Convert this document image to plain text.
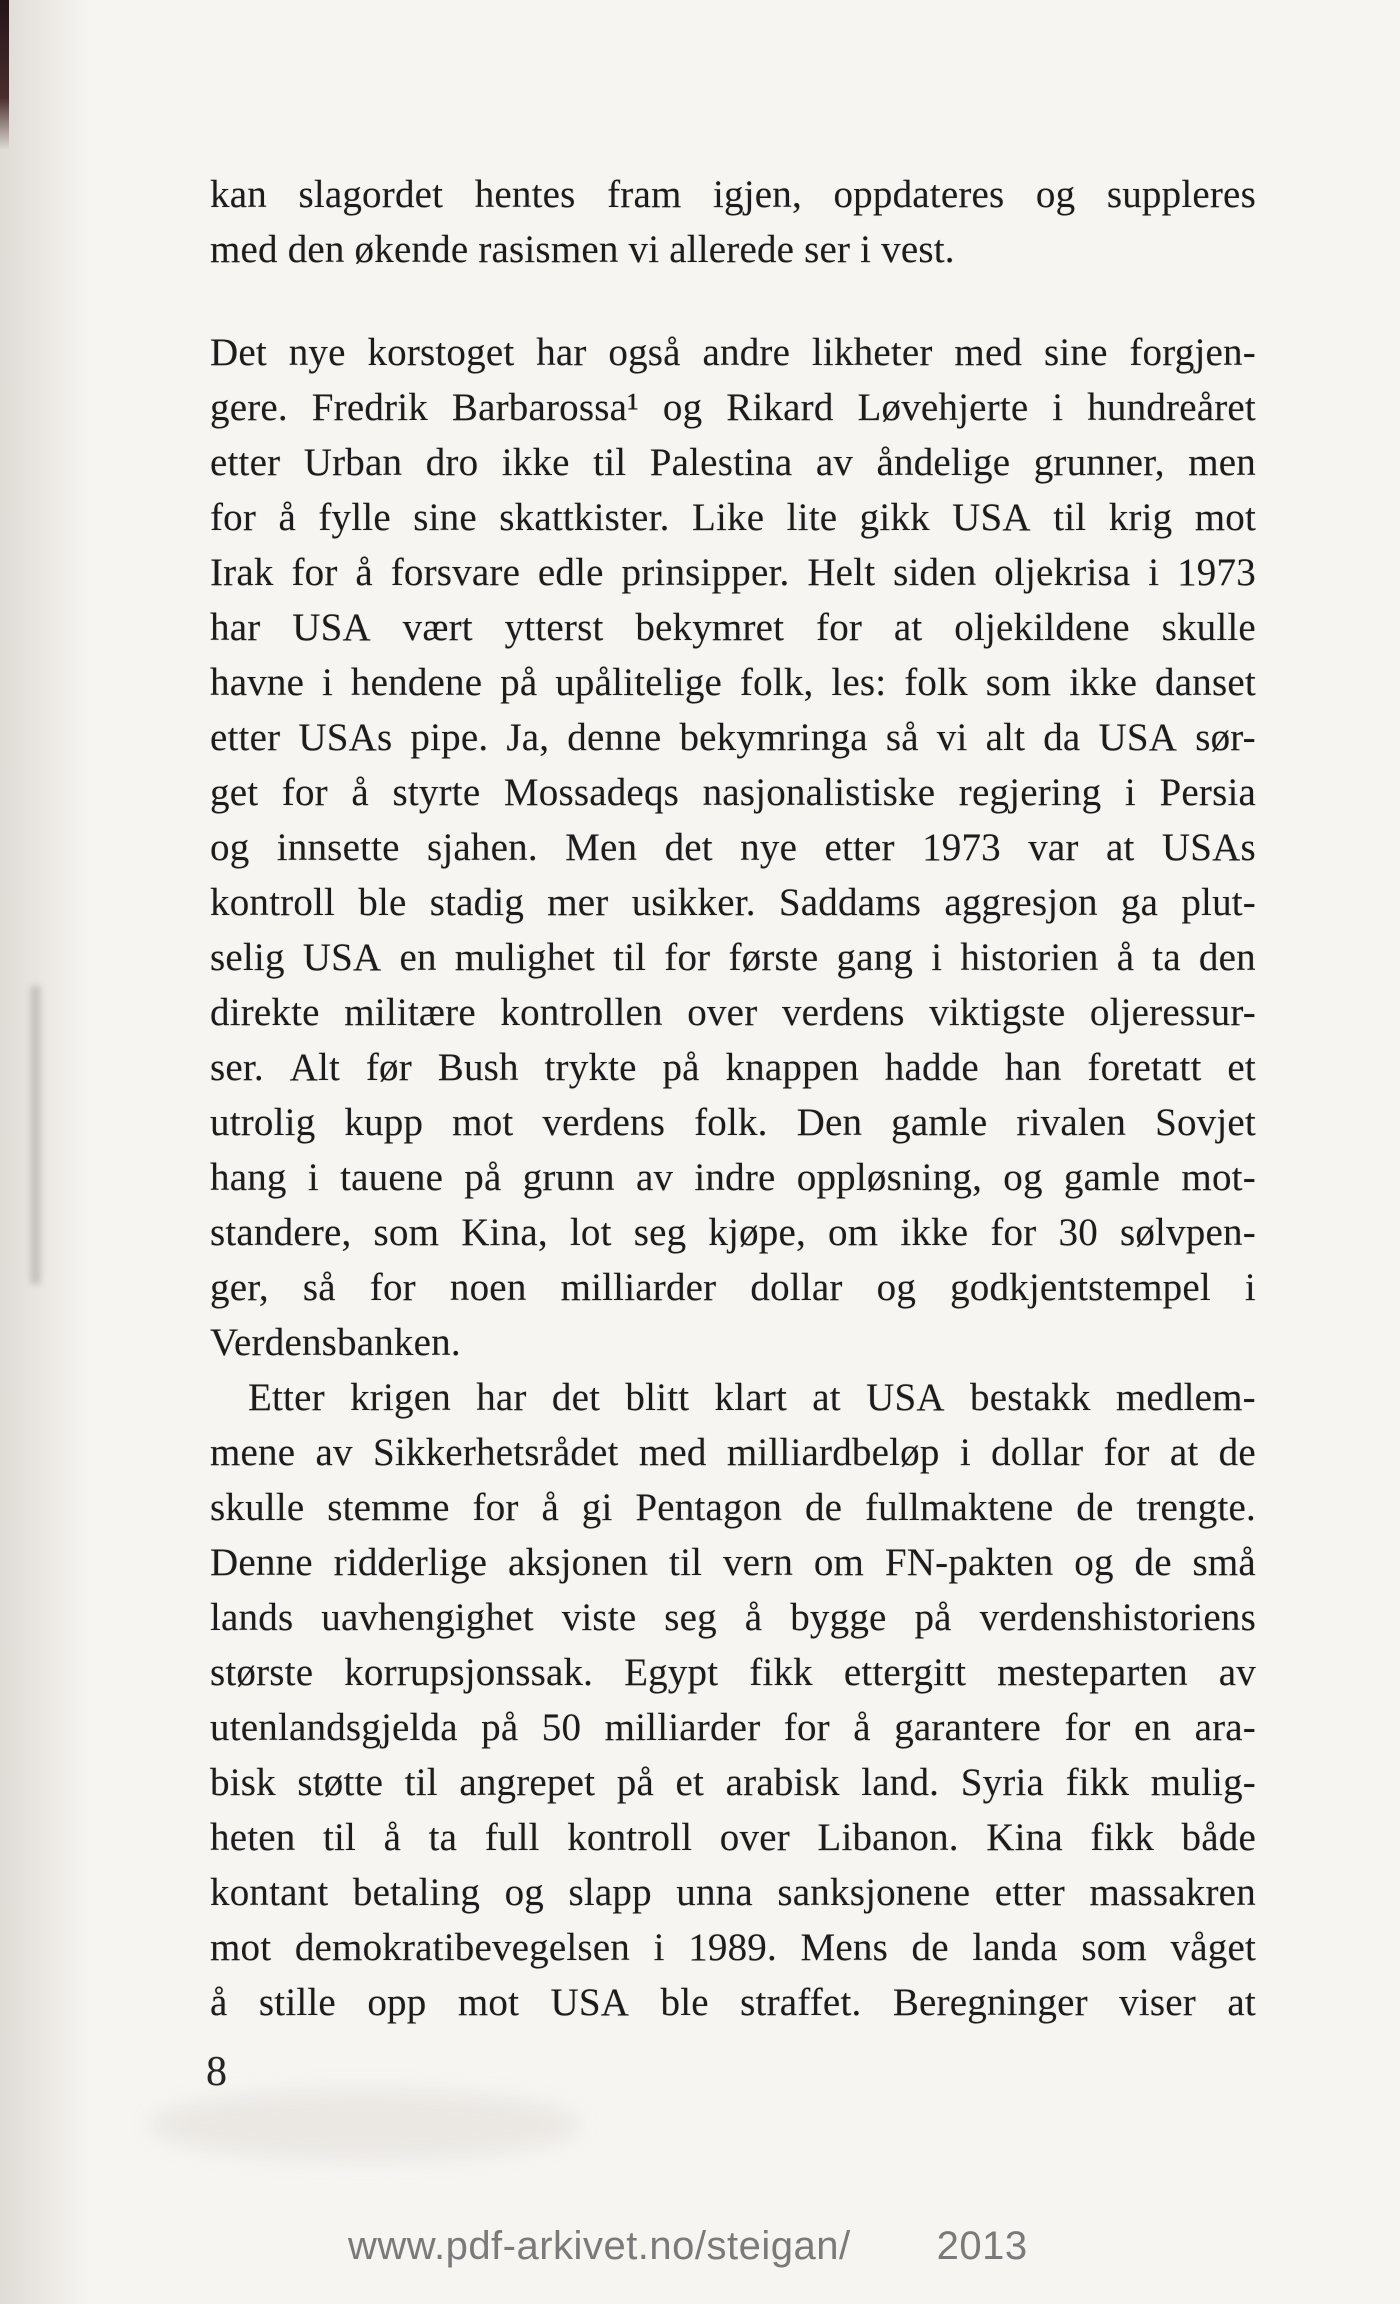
kan slagordet hentes fram igjen, oppdateres og suppleres
med den økende rasismen vi allerede ser i vest.
Det nye korstoget har også andre likheter med sine forgjen-
gere. Fredrik Barbarossa¹ og Rikard Løvehjerte i hundreåret
etter Urban dro ikke til Palestina av åndelige grunner, men
for å fylle sine skattkister. Like lite gikk USA til krig mot
Irak for å forsvare edle prinsipper. Helt siden oljekrisa i 1973
har USA vært ytterst bekymret for at oljekildene skulle
havne i hendene på upålitelige folk, les: folk som ikke danset
etter USAs pipe. Ja, denne bekymringa så vi alt da USA sør-
get for å styrte Mossadeqs nasjonalistiske regjering i Persia
og innsette sjahen. Men det nye etter 1973 var at USAs
kontroll ble stadig mer usikker. Saddams aggresjon ga plut-
selig USA en mulighet til for første gang i historien å ta den
direkte militære kontrollen over verdens viktigste oljeressur-
ser. Alt før Bush trykte på knappen hadde han foretatt et
utrolig kupp mot verdens folk. Den gamle rivalen Sovjet
hang i tauene på grunn av indre oppløsning, og gamle mot-
standere, som Kina, lot seg kjøpe, om ikke for 30 sølvpen-
ger, så for noen milliarder dollar og godkjentstempel i
Verdensbanken.
Etter krigen har det blitt klart at USA bestakk medlem-
mene av Sikkerhetsrådet med milliardbeløp i dollar for at de
skulle stemme for å gi Pentagon de fullmaktene de trengte.
Denne ridderlige aksjonen til vern om FN-pakten og de små
lands uavhengighet viste seg å bygge på verdenshistoriens
største korrupsjonssak. Egypt fikk ettergitt mesteparten av
utenlandsgjelda på 50 milliarder for å garantere for en ara-
bisk støtte til angrepet på et arabisk land. Syria fikk mulig-
heten til å ta full kontroll over Libanon. Kina fikk både
kontant betaling og slapp unna sanksjonene etter massakren
mot demokratibevegelsen i 1989. Mens de landa som våget
å stille opp mot USA ble straffet. Beregninger viser at
8
www.pdf-arkivet.no/steigan/ 2013
